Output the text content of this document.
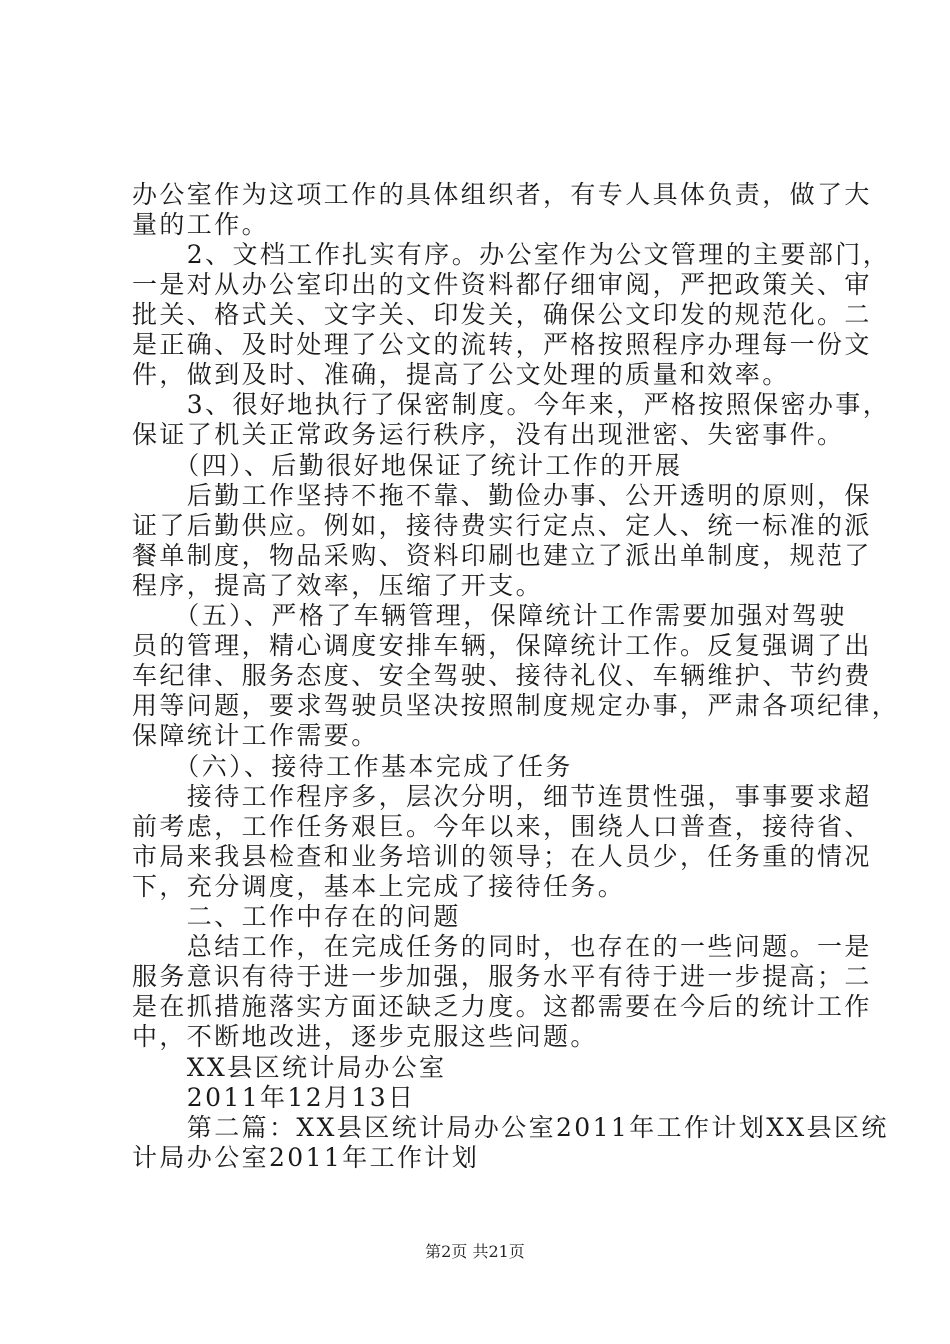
办公室作为这项工作的具体组织者，有专人具体负责，做了大
量的工作。
　　2、文档工作扎实有序。办公室作为公文管理的主要部门，
一是对从办公室印出的文件资料都仔细审阅，严把政策关、审
批关、格式关、文字关、印发关，确保公文印发的规范化。二
是正确、及时处理了公文的流转，严格按照程序办理每一份文
件，做到及时、准确，提高了公文处理的质量和效率。
　　3、很好地执行了保密制度。今年来，严格按照保密办事，
保证了机关正常政务运行秩序，没有出现泄密、失密事件。
　　（四）、后勤很好地保证了统计工作的开展
　　后勤工作坚持不拖不靠、勤俭办事、公开透明的原则，保
证了后勤供应。例如，接待费实行定点、定人、统一标准的派
餐单制度，物品采购、资料印刷也建立了派出单制度，规范了
程序，提高了效率，压缩了开支。
　　（五）、严格了车辆管理，保障统计工作需要加强对驾驶
员的管理，精心调度安排车辆，保障统计工作。反复强调了出
车纪律、服务态度、安全驾驶、接待礼仪、车辆维护、节约费
用等问题，要求驾驶员坚决按照制度规定办事，严肃各项纪律，
保障统计工作需要。
　　（六）、接待工作基本完成了任务
　　接待工作程序多，层次分明，细节连贯性强，事事要求超
前考虑，工作任务艰巨。今年以来，围绕人口普查，接待省、
市局来我县检查和业务培训的领导；在人员少，任务重的情况
下，充分调度，基本上完成了接待任务。
　　二、工作中存在的问题
　　总结工作，在完成任务的同时，也存在的一些问题。一是
服务意识有待于进一步加强，服务水平有待于进一步提高；二
是在抓措施落实方面还缺乏力度。这都需要在今后的统计工作
中，不断地改进，逐步克服这些问题。
　　XX县区统计局办公室
　　2011年12月13日
　　第二篇：XX县区统计局办公室2011年工作计划XX县区统
计局办公室2011年工作计划
第2页 共21页
